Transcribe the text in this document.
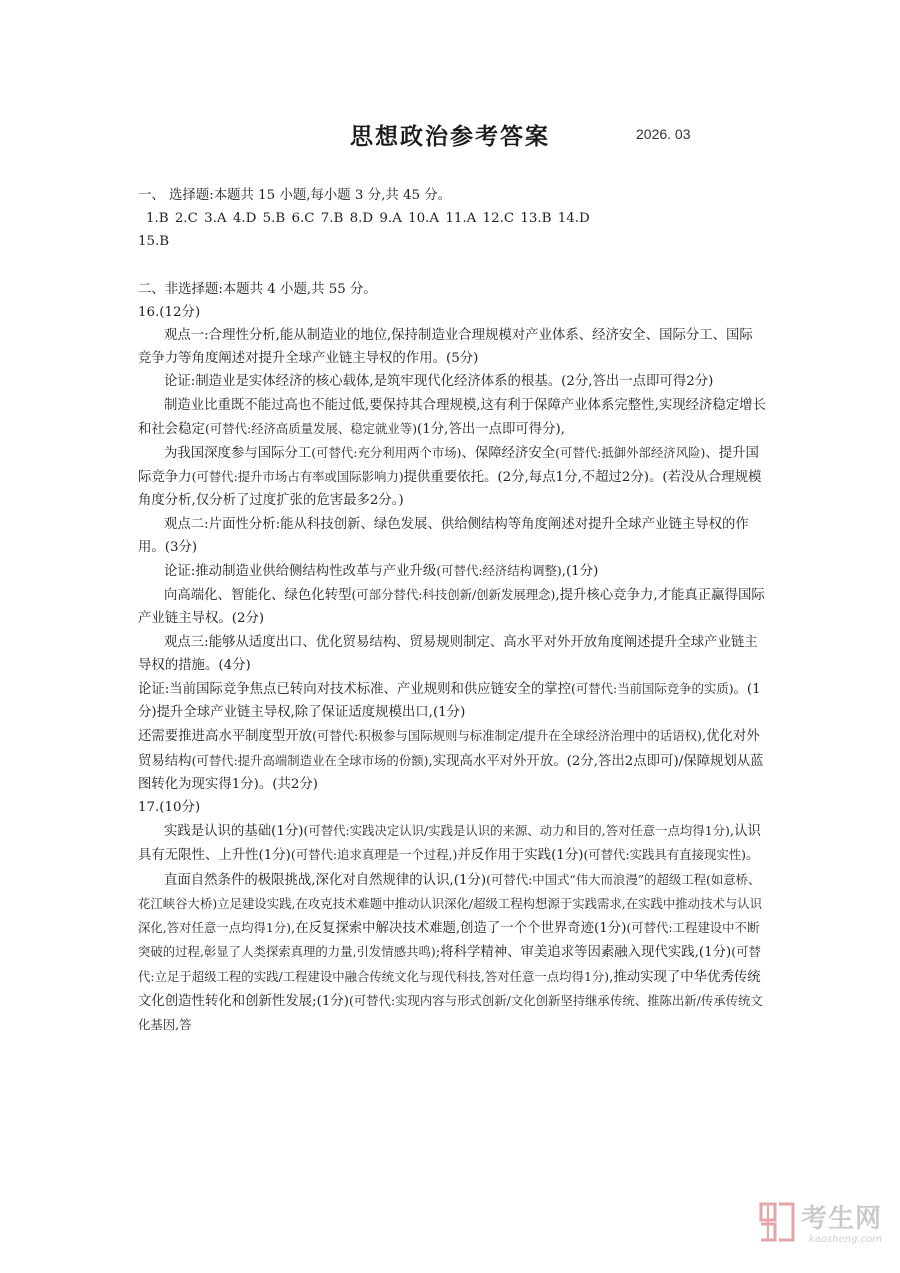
思想政治参考答案	2026. 03

一、 选择题:本题共 15 小题,每小题 3 分,共 45 分。

1.B 2.C 3.A 4.D 5.B 6.C 7.B 8.D 9.A 10.A 11.A 12.C 13.B 14.D

15.B

二、非选择题:本题共 4 小题,共 55 分。

16.(12分)

观点一:合理性分析,能从制造业的地位,保持制造业合理规模对产业体系、经济安全、国际分工、国际竞争力等角度阐述对提升全球产业链主导权的作用。(5分)

论证:制造业是实体经济的核心载体,是筑牢现代化经济体系的根基。(2分,答出一点即可得2分)

制造业比重既不能过高也不能过低,要保持其合理规模,这有利于保障产业体系完整性,实现经济稳定增长和社会稳定(可替代:经济高质量发展、稳定就业等)(1分,答出一点即可得分),

为我国深度参与国际分工(可替代:充分利用两个市场)、保障经济安全(可替代:抵御外部经济风险)、提升国际竞争力(可替代:提升市场占有率或国际影响力)提供重要依托。(2分,每点1分,不超过2分)。(若没从合理规模角度分析,仅分析了过度扩张的危害最多2分。)

观点二:片面性分析:能从科技创新、绿色发展、供给侧结构等角度阐述对提升全球产业链主导权的作用。(3分)

论证:推动制造业供给侧结构性改革与产业升级(可替代:经济结构调整),(1分)

向高端化、智能化、绿色化转型(可部分替代:科技创新/创新发展理念),提升核心竞争力,才能真正赢得国际产业链主导权。(2分)

观点三:能够从适度出口、优化贸易结构、贸易规则制定、高水平对外开放角度阐述提升全球产业链主导权的措施。(4分)

论证:当前国际竞争焦点已转向对技术标准、产业规则和供应链安全的掌控(可替代:当前国际竞争的实质)。(1分)提升全球产业链主导权,除了保证适度规模出口,(1分)

还需要推进高水平制度型开放(可替代:积极参与国际规则与标准制定/提升在全球经济治理中的话语权),优化对外贸易结构(可替代:提升高端制造业在全球市场的份额),实现高水平对外开放。(2分,答出2点即可)/保障规划从蓝图转化为现实得1分)。(共2分)

17.(10分)

实践是认识的基础(1分)(可替代:实践决定认识/实践是认识的来源、动力和目的,答对任意一点均得1分),认识具有无限性、上升性(1分)(可替代:追求真理是一个过程,)并反作用于实践(1分)(可替代:实践具有直接现实性)。

直面自然条件的极限挑战,深化对自然规律的认识,(1分)(可替代:中国式“伟大而浪漫”的超级工程(如意桥、花江峡谷大桥)立足建设实践,在攻克技术难题中推动认识深化/超级工程构想源于实践需求,在实践中推动技术与认识深化,答对任意一点均得1分),在反复探索中解决技术难题,创造了一个个世界奇迹(1分)(可替代:工程建设中不断突破的过程,彰显了人类探索真理的力量,引发情感共鸣);将科学精神、审美追求等因素融入现代实践,(1分)(可替代:立足于超级工程的实践/工程建设中融合传统文化与现代科技,答对任意一点均得1分),推动实现了中华优秀传统文化创造性转化和创新性发展;(1分)(可替代:实现内容与形式创新/文化创新坚持继承传统、推陈出新/传承传统文化基因,答

考生网
kaosheng.com
